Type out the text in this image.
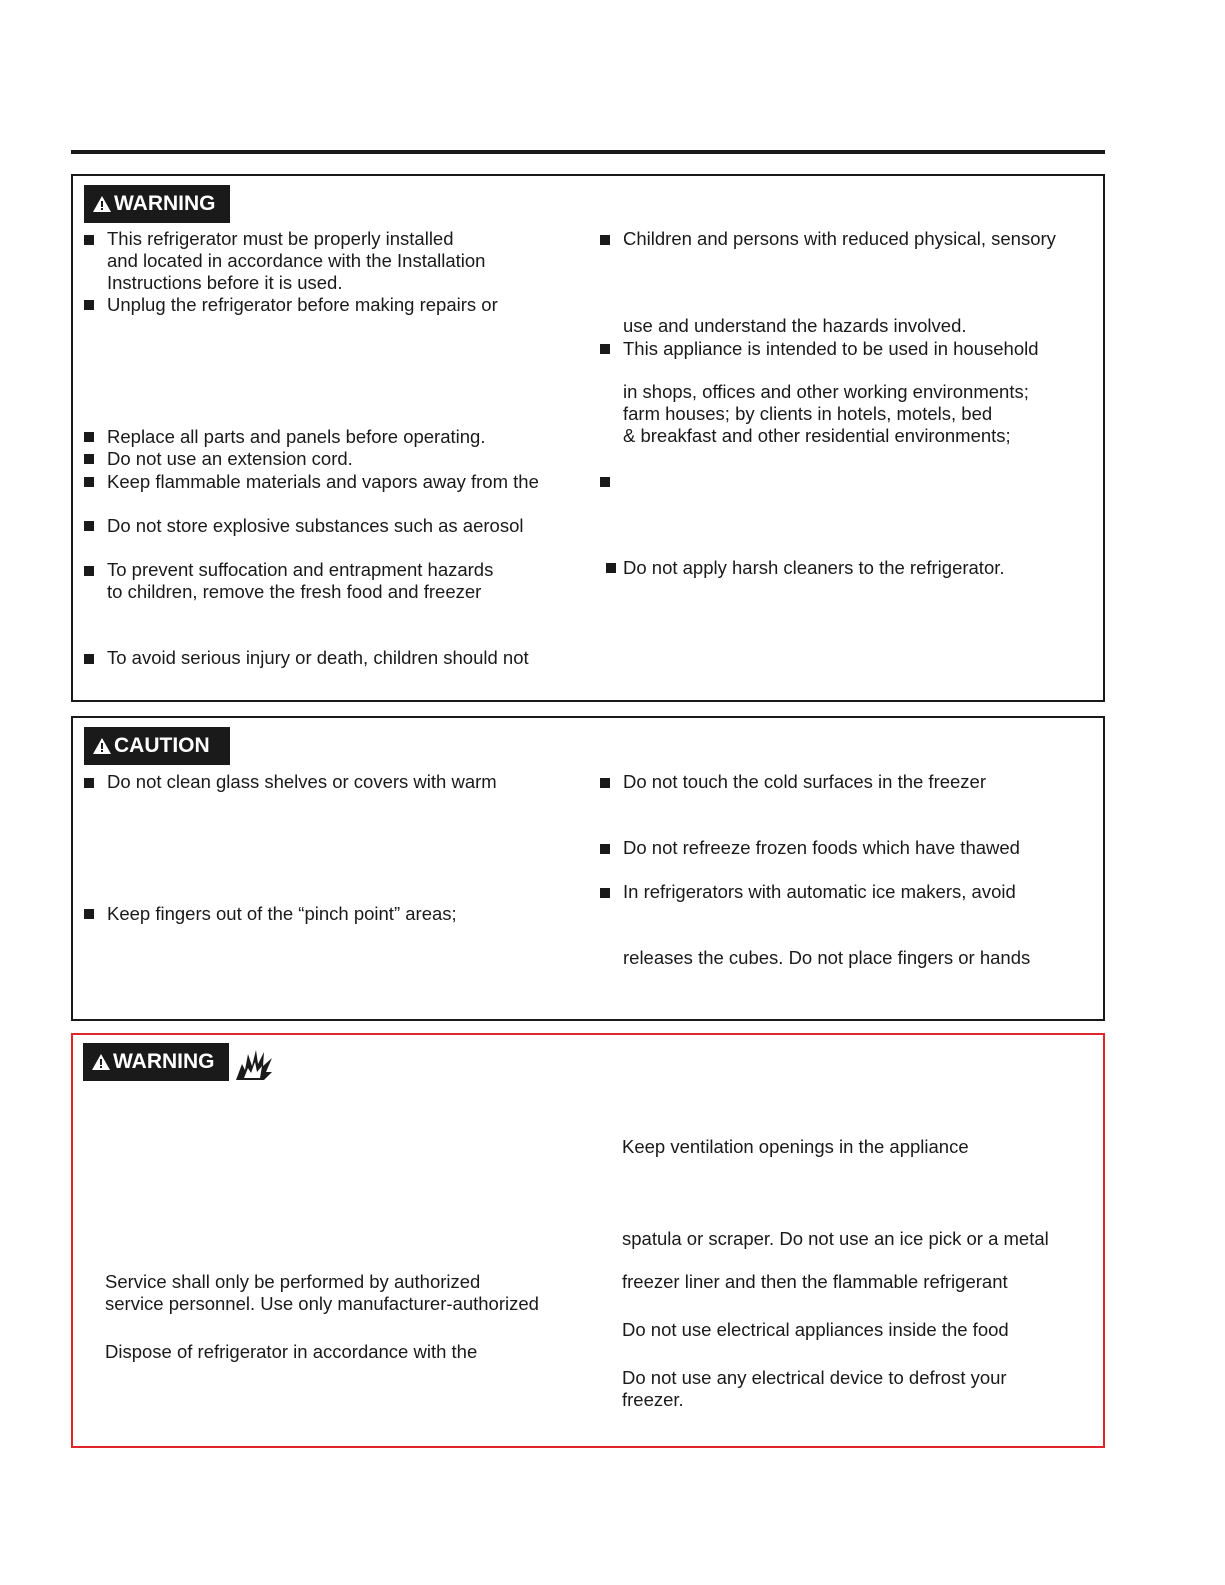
WARNING
This refrigerator must be properly installed
and located in accordance with the Installation
Instructions before it is used.
Unplug the refrigerator before making repairs or
Replace all parts and panels before operating.
Do not use an extension cord.
Keep flammable materials and vapors away from the
Do not store explosive substances such as aerosol
To prevent suffocation and entrapment hazards
to children, remove the fresh food and freezer
To avoid serious injury or death, children should not
Children and persons with reduced physical, sensory
use and understand the hazards involved.
This appliance is intended to be used in household
in shops, offices and other working environments;
farm houses; by clients in hotels, motels, bed
& breakfast and other residential environments;
Do not apply harsh cleaners to the refrigerator.
CAUTION
Do not clean glass shelves or covers with warm
Keep fingers out of the “pinch point” areas;
Do not touch the cold surfaces in the freezer
Do not refreeze frozen foods which have thawed
In refrigerators with automatic ice makers, avoid
releases the cubes. Do not place fingers or hands
WARNING
Service shall only be performed by authorized
service personnel. Use only manufacturer-authorized
Dispose of refrigerator in accordance with the
Keep ventilation openings in the appliance
spatula or scraper. Do not use an ice pick or a metal
freezer liner and then the flammable refrigerant
Do not use electrical appliances inside the food
Do not use any electrical device to defrost your
freezer.
